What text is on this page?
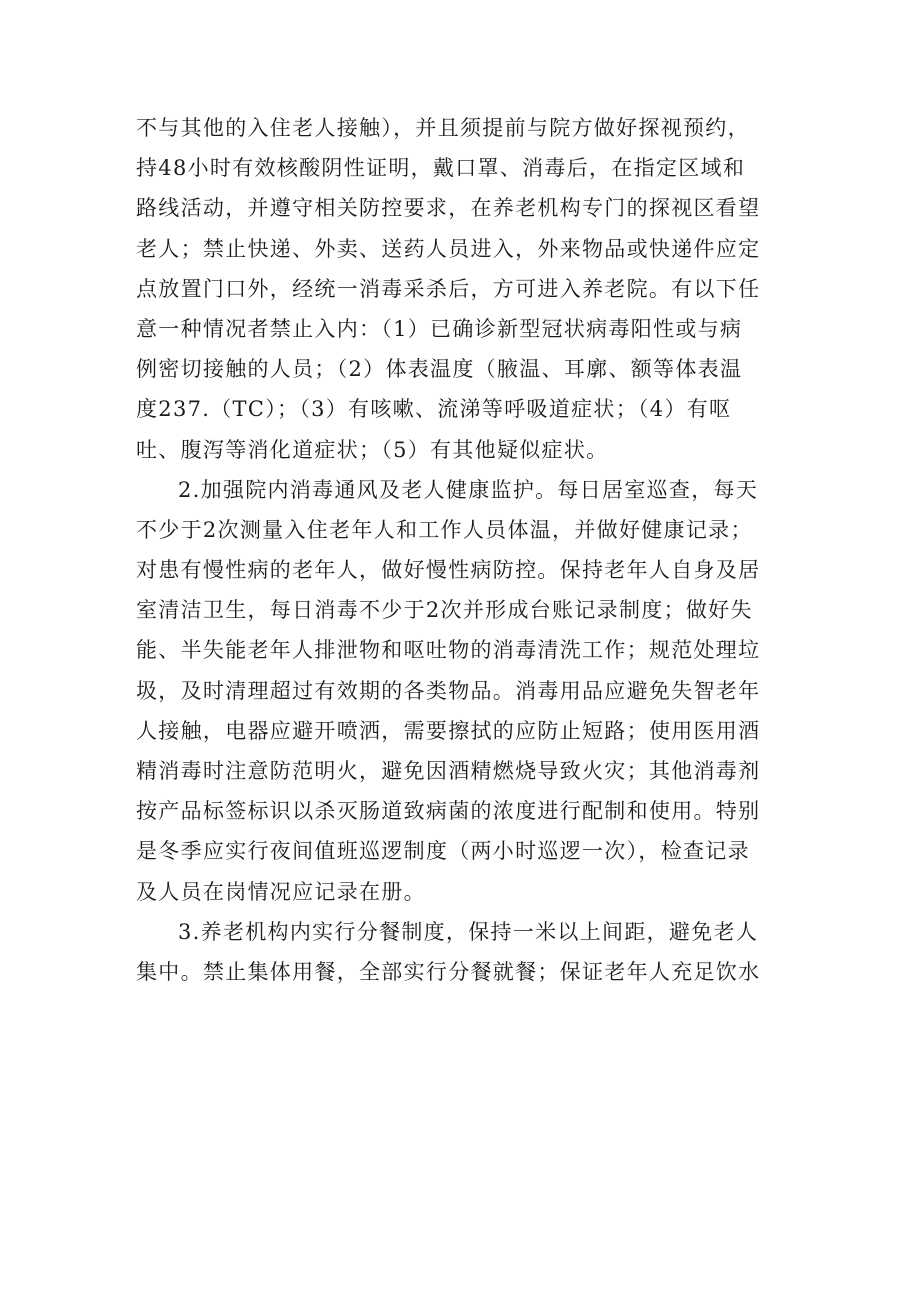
不与其他的入住老人接触），并且须提前与院方做好探视预约，
持48小时有效核酸阴性证明，戴口罩、消毒后，在指定区域和
路线活动，并遵守相关防控要求，在养老机构专门的探视区看望
老人；禁止快递、外卖、送药人员进入，外来物品或快递件应定
点放置门口外，经统一消毒采杀后，方可进入养老院。有以下任
意一种情况者禁止入内：（1）已确诊新型冠状病毒阳性或与病
例密切接触的人员；（2）体表温度（腋温、耳廓、额等体表温
度237.（TC）；（3）有咳嗽、流涕等呼吸道症状；（4）有呕
吐、腹泻等消化道症状；（5）有其他疑似症状。

2.加强院内消毒通风及老人健康监护。每日居室巡查，每天
不少于2次测量入住老年人和工作人员体温，并做好健康记录；
对患有慢性病的老年人，做好慢性病防控。保持老年人自身及居
室清洁卫生，每日消毒不少于2次并形成台账记录制度；做好失
能、半失能老年人排泄物和呕吐物的消毒清洗工作；规范处理垃
圾，及时清理超过有效期的各类物品。消毒用品应避免失智老年
人接触，电器应避开喷洒，需要擦拭的应防止短路；使用医用酒
精消毒时注意防范明火，避免因酒精燃烧导致火灾；其他消毒剂
按产品标签标识以杀灭肠道致病菌的浓度进行配制和使用。特别
是冬季应实行夜间值班巡逻制度（两小时巡逻一次），检查记录
及人员在岗情况应记录在册。

3.养老机构内实行分餐制度，保持一米以上间距，避免老人
集中。禁止集体用餐，全部实行分餐就餐；保证老年人充足饮水
